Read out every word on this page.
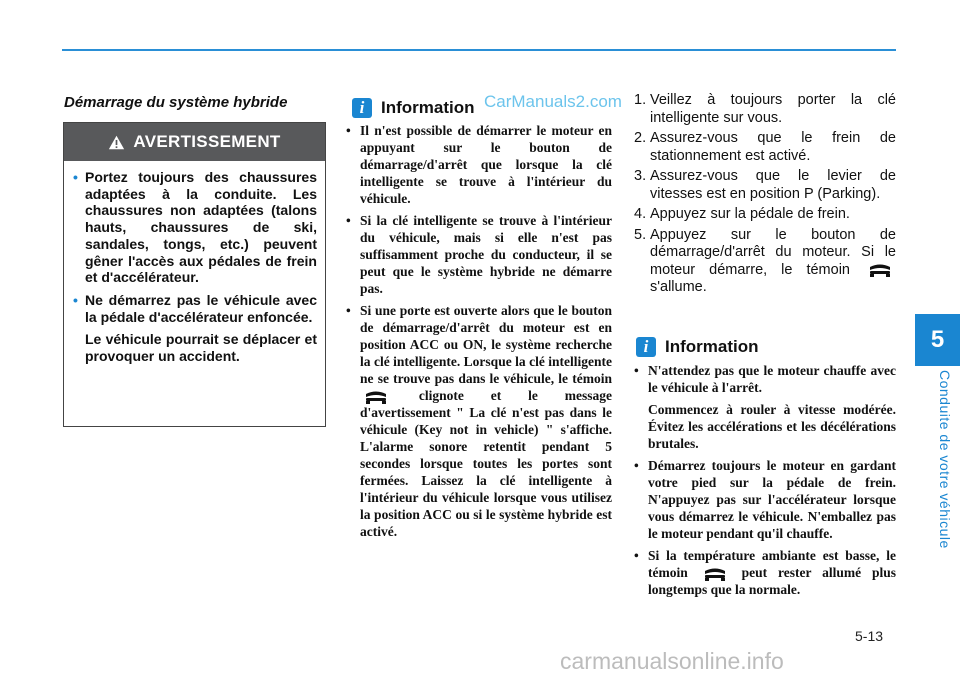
CarManuals2.com
Démarrage du système hybride
AVERTISSEMENT
• Portez toujours des chaussures adaptées à la conduite. Les chaussures non adaptées (talons hauts, chaussures de ski, sandales, tongs, etc.) peuvent gêner l'accès aux pédales de frein et d'accélérateur.
• Ne démarrez pas le véhicule avec la pédale d'accélérateur enfoncée.
Le véhicule pourrait se déplacer et provoquer un accident.
i Information
• Il n'est possible de démarrer le moteur en appuyant sur le bouton de démarrage/d'arrêt que lorsque la clé intelligente se trouve à l'intérieur du véhicule.
• Si la clé intelligente se trouve à l'intérieur du véhicule, mais si elle n'est pas suffisamment proche du conducteur, il se peut que le système hybride ne démarre pas.
• Si une porte est ouverte alors que le bouton de démarrage/d'arrêt du moteur est en position ACC ou ON, le système recherche la clé intelligente. Lorsque la clé intelligente ne se trouve pas dans le véhicule, le témoin  clignote et le message d'avertissement " La clé n'est pas dans le véhicule (Key not in vehicle) " s'affiche. L'alarme sonore retentit pendant 5 secondes lorsque toutes les portes sont fermées. Laissez la clé intelligente à l'intérieur du véhicule lorsque vous utilisez la position ACC ou si le système hybride est activé.
1. Veillez à toujours porter la clé intelligente sur vous.
2. Assurez-vous que le frein de stationnement est activé.
3. Assurez-vous que le levier de vitesses est en position P (Parking).
4. Appuyez sur la pédale de frein.
5. Appuyez sur le bouton de démarrage/d'arrêt du moteur. Si le moteur démarre, le témoin  s'allume.
i Information
• N'attendez pas que le moteur chauffe avec le véhicule à l'arrêt.
Commencez à rouler à vitesse modérée. Évitez les accélérations et les décélérations brutales.
• Démarrez toujours le moteur en gardant votre pied sur la pédale de frein. N'appuyez pas sur l'accélérateur lorsque vous démarrez le véhicule. N'emballez pas le moteur pendant qu'il chauffe.
• Si la température ambiante est basse, le témoin	peut rester allumé plus longtemps que la normale.
5
Conduite de votre véhicule
5-13
carmanualsonline.info
